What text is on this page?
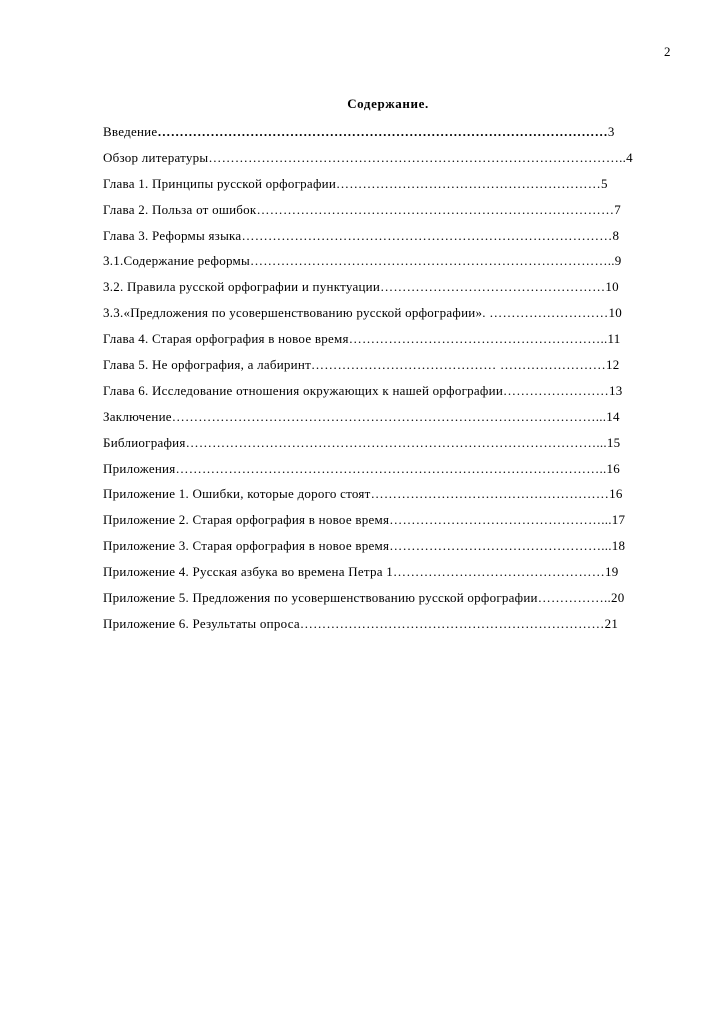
2
Содержание.
Введение…………………………………………………………………………………………3
Обзор литературы…………………………………………………………………………………..4
Глава 1. Принципы русской орфографии……………………………………………………5
Глава 2. Польза от ошибок………………………………………………………………………7
Глава 3. Реформы языка…………………………………………………………………………8
3.1.Содержание реформы………………………………………………………………………..9
3.2. Правила русской орфографии и пунктуации……………………………………………10
3.3.«Предложения по усовершенствованию русской орфографии». ………………………10
Глава 4. Старая орфография в новое время…………………………………………………..11
Глава 5. Не орфография, а лабиринт…………………………………… ……………………12
Глава 6. Исследование отношения окружающих к нашей орфографии……………………13
Заключение……………………………………………………………………………………...14
Библиография…………………………………………………………………………………...15
Приложения……………………………………………………………………………………..16
Приложение 1. Ошибки, которые дорого стоят………………………………………………16
Приложение 2. Старая орфография в новое время…………………………………………...17
Приложение 3. Старая орфография в новое время…………………………………………...18
Приложение 4. Русская азбука во времена Петра 1…………………………………………19
Приложение 5. Предложения по усовершенствованию русской орфографии……………..20
Приложение 6. Результаты опроса……………………………………………………………21
